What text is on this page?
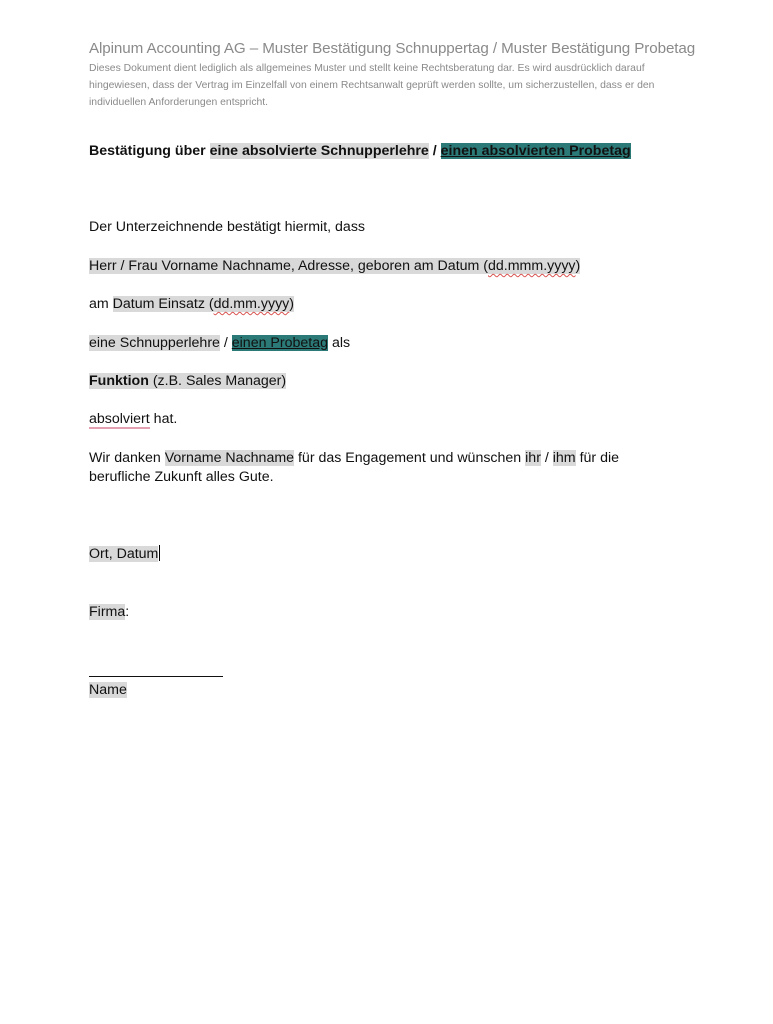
Alpinum Accounting AG – Muster Bestätigung Schnuppertag / Muster Bestätigung Probetag
Dieses Dokument dient lediglich als allgemeines Muster und stellt keine Rechtsberatung dar. Es wird ausdrücklich darauf hingewiesen, dass der Vertrag im Einzelfall von einem Rechtsanwalt geprüft werden sollte, um sicherzustellen, dass er den individuellen Anforderungen entspricht.
Bestätigung über eine absolvierte Schnupperlehre / einen absolvierten Probetag
Der Unterzeichnende bestätigt hiermit, dass
Herr / Frau Vorname Nachname, Adresse, geboren am Datum (dd.mmm.yyyy)
am Datum Einsatz (dd.mm.yyyy)
eine Schnupperlehre / einen Probetag als
Funktion (z.B. Sales Manager)
absolviert hat.
Wir danken Vorname Nachname für das Engagement und wünschen ihr / ihm für die
berufliche Zukunft alles Gute.
Ort, Datum
Firma:
Name
